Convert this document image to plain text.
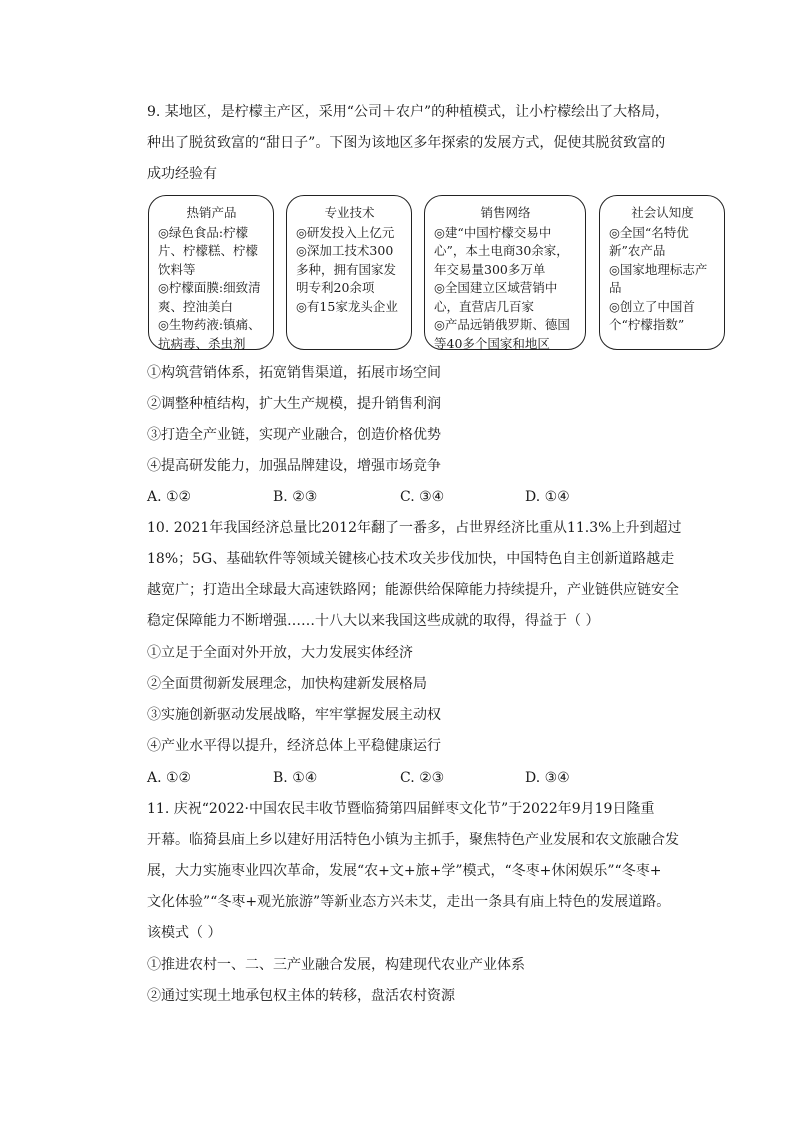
9. 某地区，是柠檬主产区，采用“公司＋农户”的种植模式，让小柠檬绘出了大格局，
种出了脱贫致富的“甜日子”。下图为该地区多年探索的发展方式，促使其脱贫致富的
成功经验有
热销产品
◎绿色食品:柠檬片、柠檬糕、柠檬饮料等
◎柠檬面膜:细致清爽、控油美白
◎生物药液:镇痛、抗病毒、杀虫剂
专业技术
◎研发投入上亿元
◎深加工技术300多种，拥有国家发明专利20余项
◎有15家龙头企业
销售网络
◎建“中国柠檬交易中心”，本土电商30余家，年交易量300多万单
◎全国建立区域营销中心，直营店几百家
◎产品远销俄罗斯、德国等40多个国家和地区
社会认知度
◎全国“名特优新”农产品
◎国家地理标志产品
◎创立了中国首个“柠檬指数”
①构筑营销体系，拓宽销售渠道，拓展市场空间
②调整种植结构，扩大生产规模，提升销售利润
③打造全产业链，实现产业融合，创造价格优势
④提高研发能力，加强品牌建设，增强市场竞争
A. ①②	B. ②③	C. ③④	D. ①④
10. 2021年我国经济总量比2012年翻了一番多，占世界经济比重从11.3%上升到超过
18%；5G、基础软件等领域关键核心技术攻关步伐加快，中国特色自主创新道路越走
越宽广；打造出全球最大高速铁路网；能源供给保障能力持续提升，产业链供应链安全
稳定保障能力不断增强……十八大以来我国这些成就的取得，得益于（ ）
①立足于全面对外开放，大力发展实体经济
②全面贯彻新发展理念，加快构建新发展格局
③实施创新驱动发展战略，牢牢掌握发展主动权
④产业水平得以提升，经济总体上平稳健康运行
A. ①②	B. ①④	C. ②③	D. ③④
11. 庆祝“2022·中国农民丰收节暨临猗第四届鲜枣文化节”于2022年9月19日隆重
开幕。临猗县庙上乡以建好用活特色小镇为主抓手，聚焦特色产业发展和农文旅融合发
展，大力实施枣业四次革命，发展“农+文+旅+学”模式，“冬枣+休闲娱乐”“冬枣+
文化体验”“冬枣+观光旅游”等新业态方兴未艾，走出一条具有庙上特色的发展道路。
该模式（ ）
①推进农村一、二、三产业融合发展，构建现代农业产业体系
②通过实现土地承包权主体的转移，盘活农村资源
